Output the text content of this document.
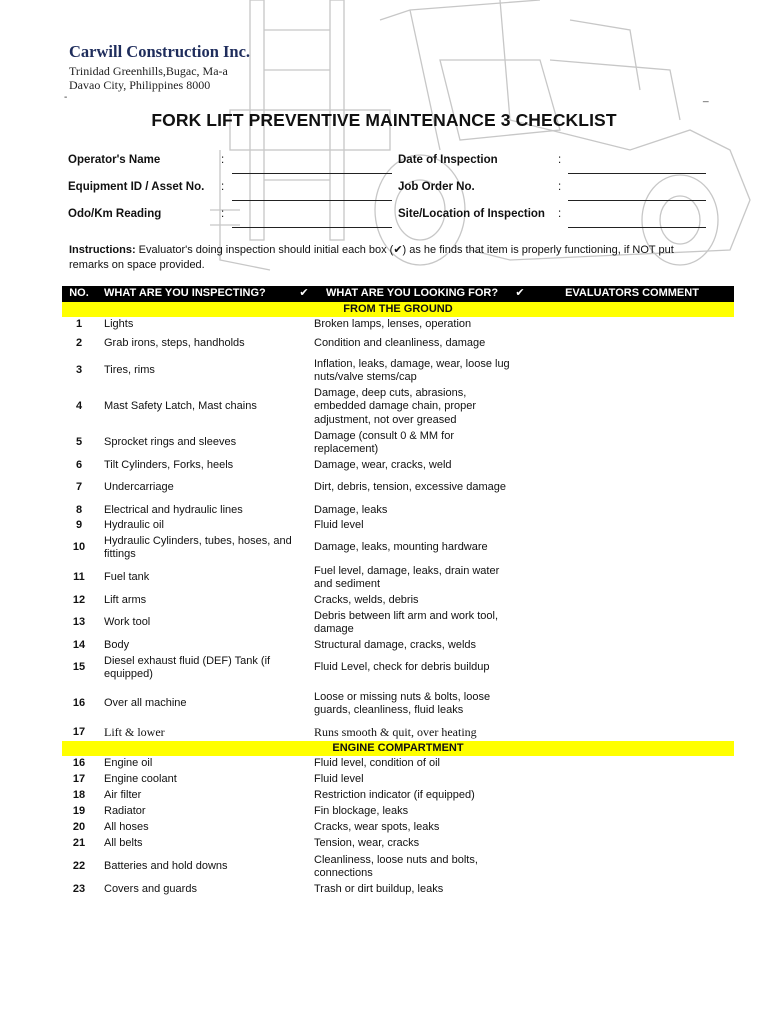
Carwill Construction Inc.
Trinidad Greenhills,Bugac, Ma-a
Davao City, Philippines 8000
-	_
FORK LIFT PREVENTIVE MAINTENANCE 3 CHECKLIST
Operator's Name	:
Equipment ID / Asset No. :
Odo/Km Reading	:
Date of Inspection	:
Job Order No.	:
Site/Location of Inspection :
Instructions: Evaluator's doing inspection should initial each box (✔) as he finds that item is properly functioning, if NOT put remarks on space provided.
NO.	WHAT ARE YOU INSPECTING?	✔	WHAT ARE YOU LOOKING FOR?	✔	EVALUATORS COMMENT
FROM THE GROUND					
1	Lights		Broken lamps, lenses, operation		
2	Grab irons, steps, handholds		Condition and cleanliness, damage		
3	Tires, rims		Inflation, leaks, damage, wear, loose lug nuts/valve stems/cap		
4	Mast Safety Latch, Mast chains		Damage, deep cuts, abrasions, embedded damage chain, proper adjustment, not over greased		
5	Sprocket rings and sleeves		Damage (consult 0 & MM for replacement)		
6	Tilt Cylinders, Forks, heels		Damage, wear, cracks, weld		
7	Undercarriage		Dirt, debris, tension, excessive damage		
8	Electrical and hydraulic lines		Damage, leaks		
9	Hydraulic oil		Fluid level		
10	Hydraulic Cylinders, tubes, hoses, and fittings		Damage, leaks, mounting hardware		
11	Fuel tank		Fuel level, damage, leaks, drain water and sediment		
12	Lift arms		Cracks, welds, debris		
13	Work tool		Debris between lift arm and work tool, damage		
14	Body		Structural damage, cracks, welds		
15	Diesel exhaust fluid (DEF) Tank (if equipped)		Fluid Level, check for debris buildup		
16	Over all machine		Loose or missing nuts & bolts, loose guards, cleanliness, fluid leaks		
17	Lift & lower		Runs smooth & quit, over heating		
ENGINE COMPARTMENT					
16	Engine oil		Fluid level, condition of oil		
17	Engine coolant		Fluid level		
18	Air filter		Restriction indicator (if equipped)		
19	Radiator		Fin blockage, leaks		
20	All hoses		Cracks, wear spots, leaks		
21	All belts		Tension, wear, cracks		
22	Batteries and hold downs		Cleanliness, loose nuts and bolts, connections		
23	Covers and guards		Trash or dirt buildup, leaks		
